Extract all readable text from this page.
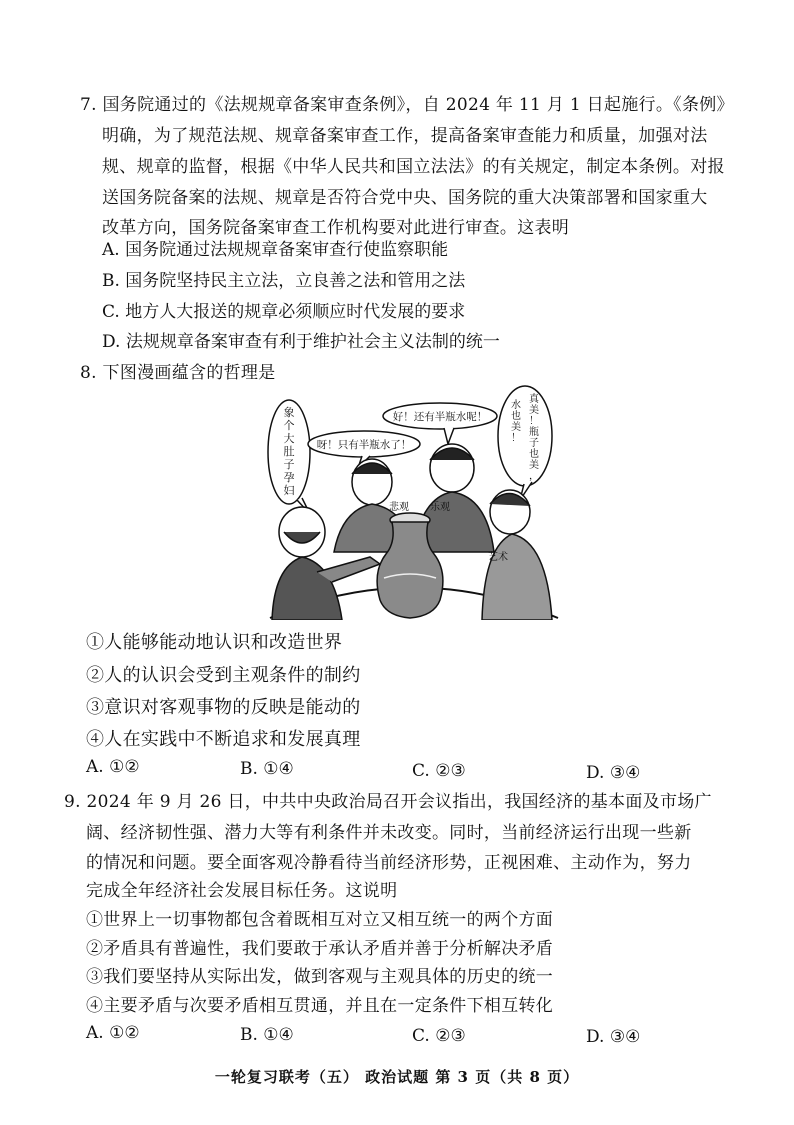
7. 国务院通过的《法规规章备案审查条例》，自 2024 年 11 月 1 日起施行。《条例》
明确，为了规范法规、规章备案审查工作，提高备案审查能力和质量，加强对法
规、规章的监督，根据《中华人民共和国立法法》的有关规定，制定本条例。对报
送国务院备案的法规、规章是否符合党中央、国务院的重大决策部署和国家重大
改革方向，国务院备案审查工作机构要对此进行审查。这表明
A. 国务院通过法规规章备案审查行使监察职能
B. 国务院坚持民主立法，立良善之法和管用之法
C. 地方人大报送的规章必须顺应时代发展的要求
D. 法规规章备案审查有利于维护社会主义法制的统一
8. 下图漫画蕴含的哲理是
象
个
大
肚
子
孕
妇
呀！只有半瓶水了！
好！还有半瓶水呢！
真
美
！
瓶
子
也
美
，
水
也
美
！
悲观 乐观
艺术
①人能够能动地认识和改造世界
②人的认识会受到主观条件的制约
③意识对客观事物的反映是能动的
④人在实践中不断追求和发展真理
A. ①②	B. ①④	C. ②③	D. ③④
9. 2024 年 9 月 26 日，中共中央政治局召开会议指出，我国经济的基本面及市场广
阔、经济韧性强、潜力大等有利条件并未改变。同时，当前经济运行出现一些新
的情况和问题。要全面客观冷静看待当前经济形势，正视困难、主动作为，努力
完成全年经济社会发展目标任务。这说明
①世界上一切事物都包含着既相互对立又相互统一的两个方面
②矛盾具有普遍性，我们要敢于承认矛盾并善于分析解决矛盾
③我们要坚持从实际出发，做到客观与主观具体的历史的统一
④主要矛盾与次要矛盾相互贯通，并且在一定条件下相互转化
A. ①②	B. ①④	C. ②③	D. ③④
一轮复习联考（五） 政治试题 第 3 页（共 8 页）
